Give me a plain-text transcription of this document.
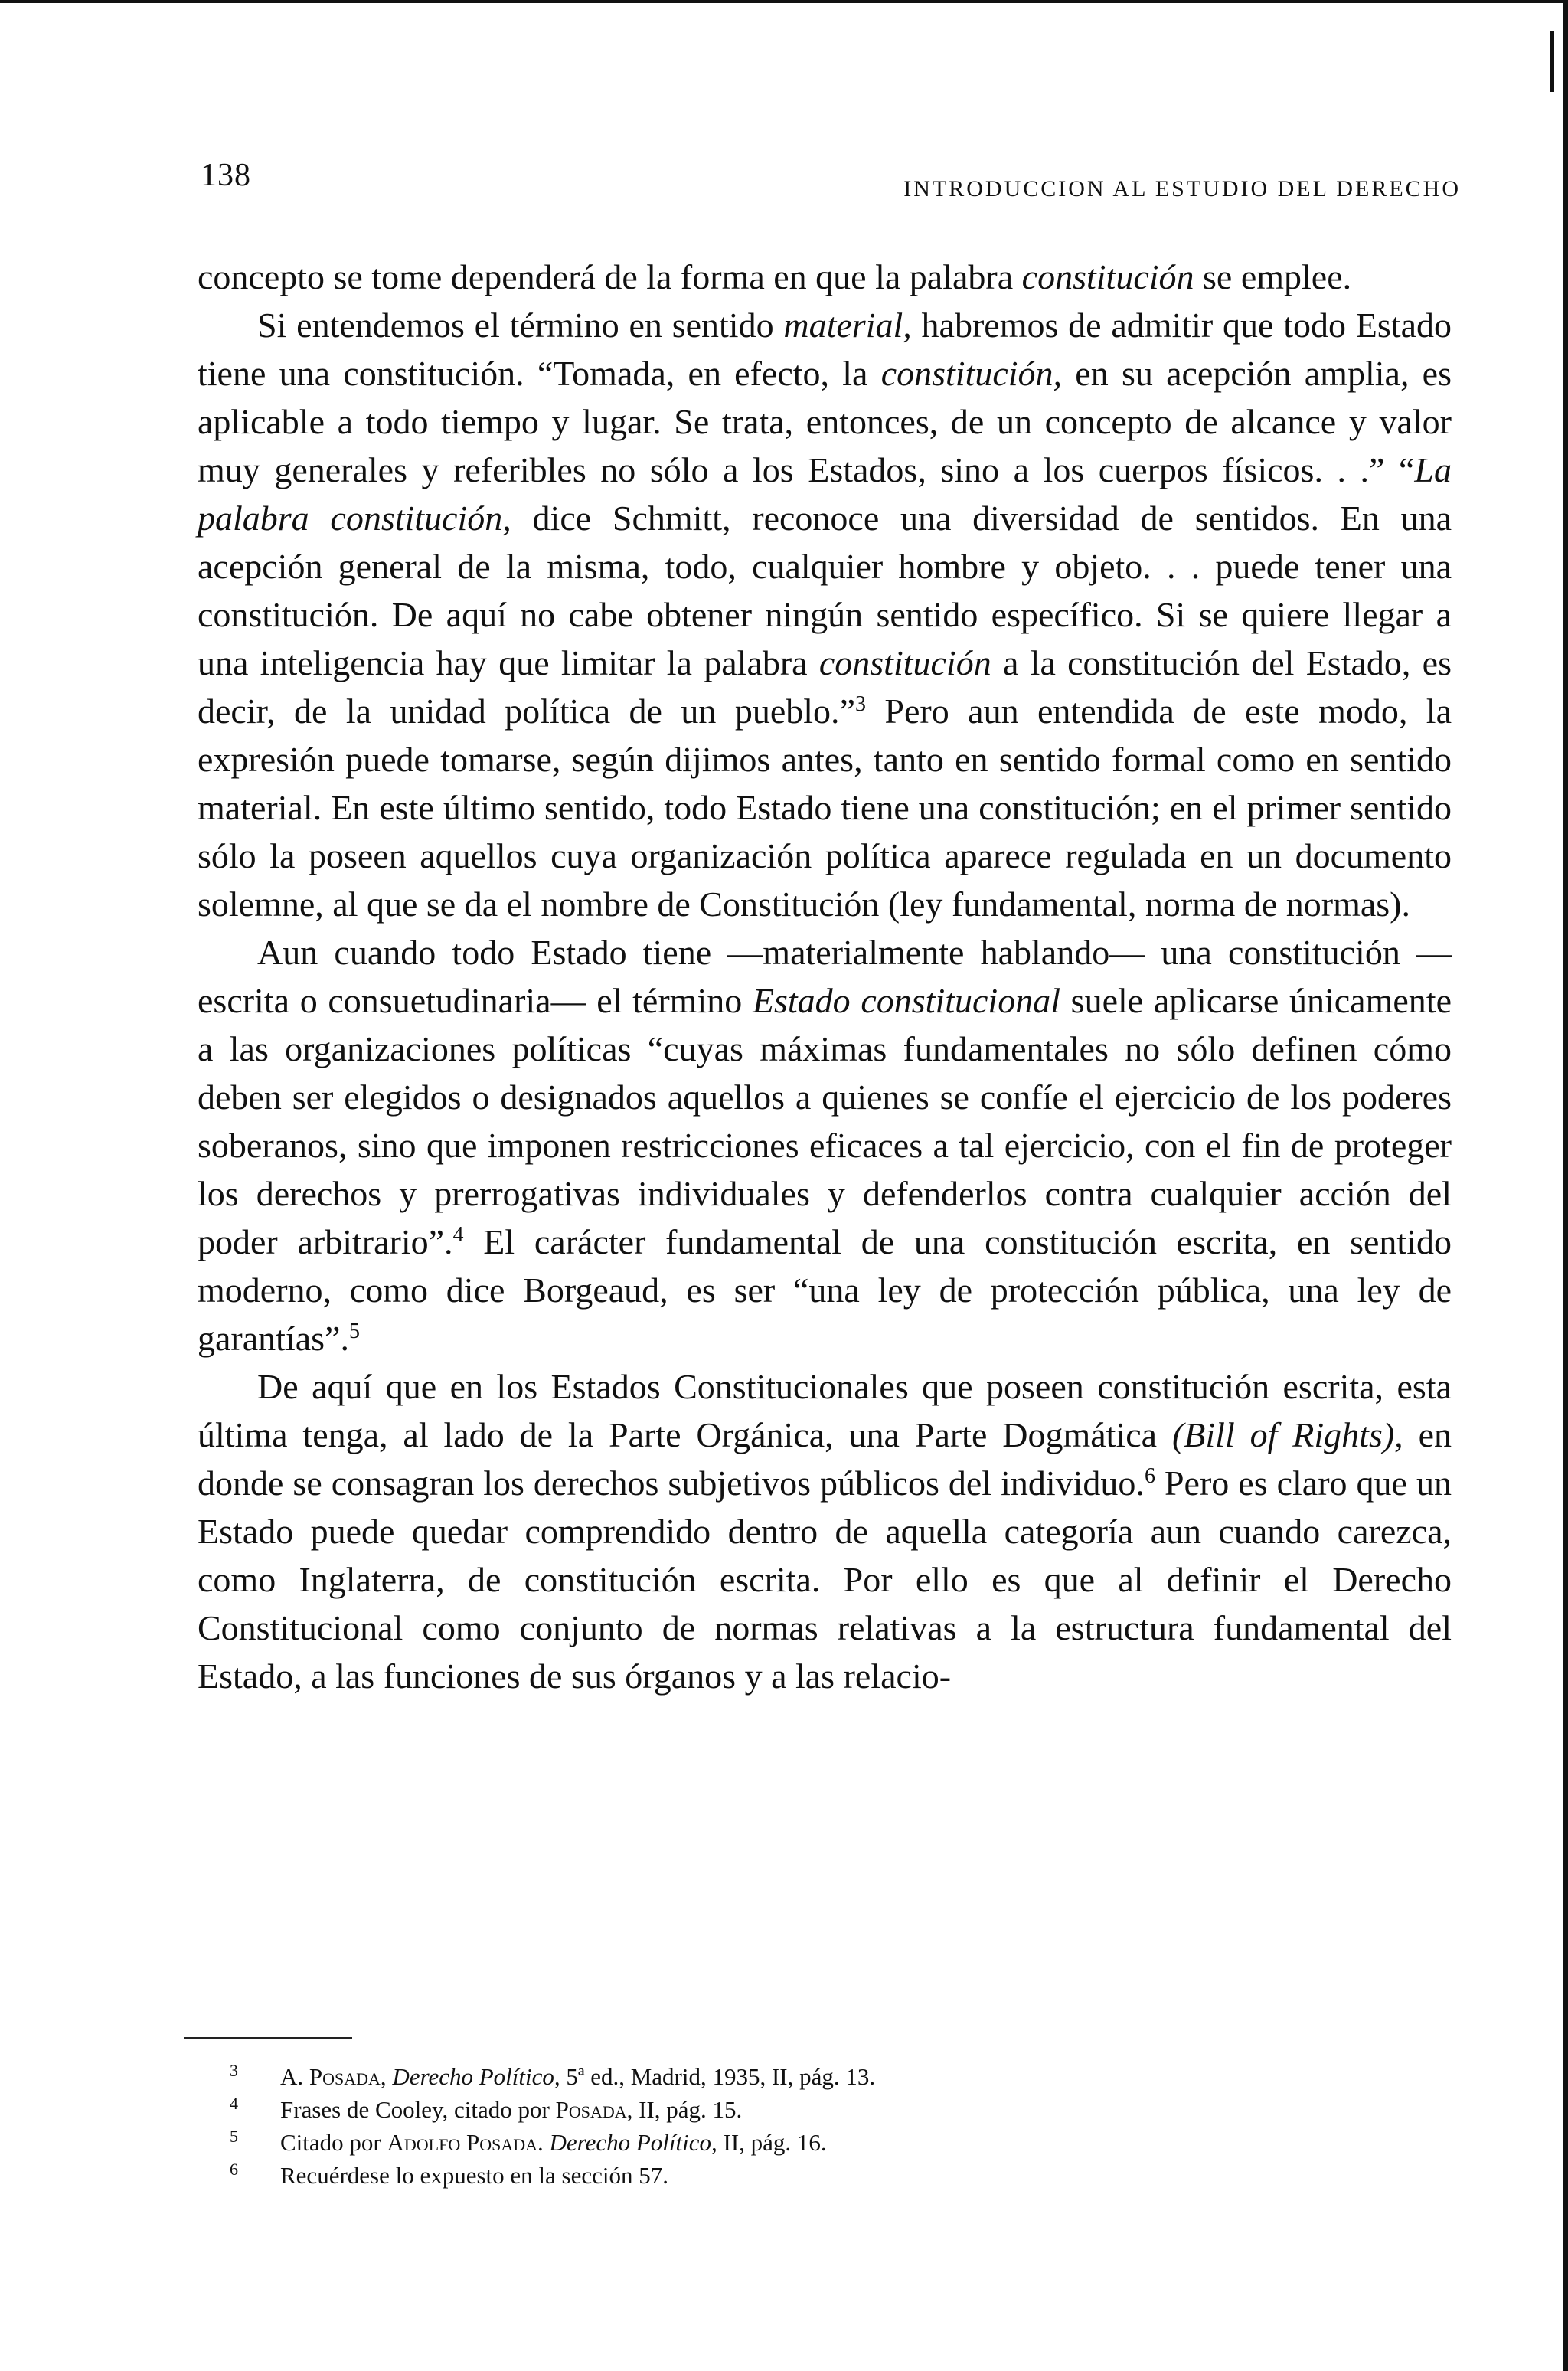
138	INTRODUCCION AL ESTUDIO DEL DERECHO

concepto se tome dependerá de la forma en que la palabra constitución se emplee.

Si entendemos el término en sentido material, habremos de admitir que todo Estado tiene una constitución. “Tomada, en efecto, la constitución, en su acepción amplia, es aplicable a todo tiempo y lugar. Se trata, entonces, de un concepto de alcance y valor muy generales y referibles no sólo a los Estados, sino a los cuerpos físicos. . .” “La palabra constitución, dice Schmitt, reconoce una diversidad de sentidos. En una acepción general de la misma, todo, cualquier hombre y objeto. . . puede tener una constitución. De aquí no cabe obtener ningún sentido específico. Si se quiere llegar a una inteligencia hay que limitar la palabra constitución a la constitución del Estado, es decir, de la unidad política de un pueblo.”$^3$ Pero aun entendida de este modo, la expresión puede tomarse, según dijimos antes, tanto en sentido formal como en sentido material. En este último sentido, todo Estado tiene una constitución; en el primer sentido sólo la poseen aquellos cuya organización política aparece regulada en un documento solemne, al que se da el nombre de Constitución (ley fundamental, norma de normas).

Aun cuando todo Estado tiene —materialmente hablando— una constitución —escrita o consuetudinaria— el término Estado constitucional suele aplicarse únicamente a las organizaciones políticas “cuyas máximas fundamentales no sólo definen cómo deben ser elegidos o designados aquellos a quienes se confíe el ejercicio de los poderes soberanos, sino que imponen restricciones eficaces a tal ejercicio, con el fin de proteger los derechos y prerrogativas individuales y defenderlos contra cualquier acción del poder arbitrario”.$^4$ El carácter fundamental de una constitución escrita, en sentido moderno, como dice Borgeaud, es ser “una ley de protección pública, una ley de garantías”.$^5$

De aquí que en los Estados Constitucionales que poseen constitución escrita, esta última tenga, al lado de la Parte Orgánica, una Parte Dogmática (Bill of Rights), en donde se consagran los derechos subjetivos públicos del individuo.$^6$ Pero es claro que un Estado puede quedar comprendido dentro de aquella categoría aun cuando carezca, como Inglaterra, de constitución escrita. Por ello es que al definir el Derecho Constitucional como conjunto de normas relativas a la estructura fundamental del Estado, a las funciones de sus órganos y a las relacio-

3 A. Posada, Derecho Político, 5ª ed., Madrid, 1935, II, pág. 13.
4 Frases de Cooley, citado por Posada, II, pág. 15.
5 Citado por Adolfo Posada. Derecho Político, II, pág. 16.
6 Recuérdese lo expuesto en la sección 57.
